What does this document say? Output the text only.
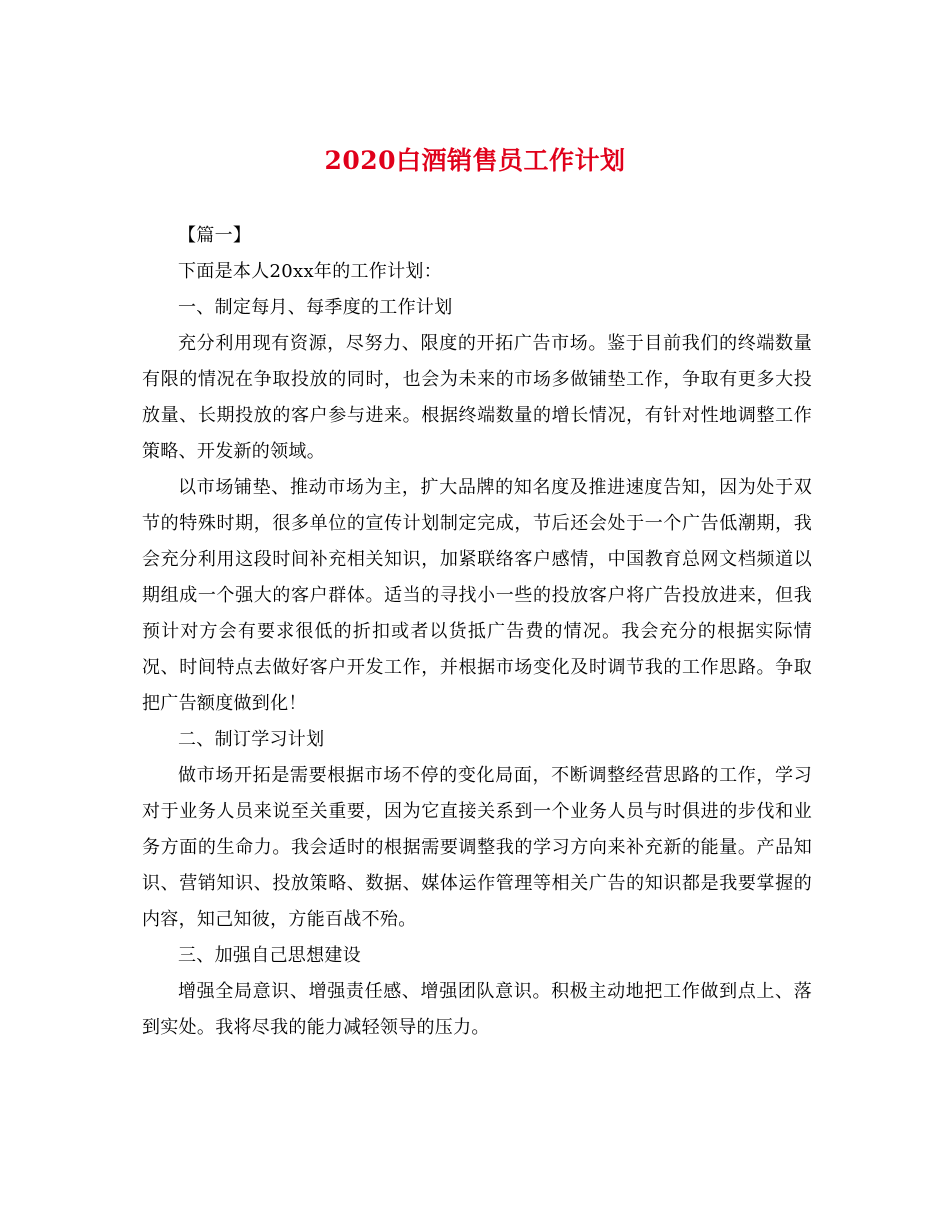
2020白酒销售员工作计划

【篇一】

下面是本人20xx年的工作计划：

一、制定每月、每季度的工作计划

充分利用现有资源，尽努力、限度的开拓广告市场。鉴于目前我们的终端数量有限的情况在争取投放的同时，也会为未来的市场多做铺垫工作，争取有更多大投放量、长期投放的客户参与进来。根据终端数量的增长情况，有针对性地调整工作策略、开发新的领域。

以市场铺垫、推动市场为主，扩大品牌的知名度及推进速度告知，因为处于双节的特殊时期，很多单位的宣传计划制定完成，节后还会处于一个广告低潮期，我会充分利用这段时间补充相关知识，加紧联络客户感情，中国教育总网文档频道以期组成一个强大的客户群体。适当的寻找小一些的投放客户将广告投放进来，但我预计对方会有要求很低的折扣或者以货抵广告费的情况。我会充分的根据实际情况、时间特点去做好客户开发工作，并根据市场变化及时调节我的工作思路。争取把广告额度做到化！

二、制订学习计划

做市场开拓是需要根据市场不停的变化局面，不断调整经营思路的工作，学习对于业务人员来说至关重要，因为它直接关系到一个业务人员与时俱进的步伐和业务方面的生命力。我会适时的根据需要调整我的学习方向来补充新的能量。产品知识、营销知识、投放策略、数据、媒体运作管理等相关广告的知识都是我要掌握的内容，知己知彼，方能百战不殆。

三、加强自己思想建设

增强全局意识、增强责任感、增强团队意识。积极主动地把工作做到点上、落到实处。我将尽我的能力减轻领导的压力。
